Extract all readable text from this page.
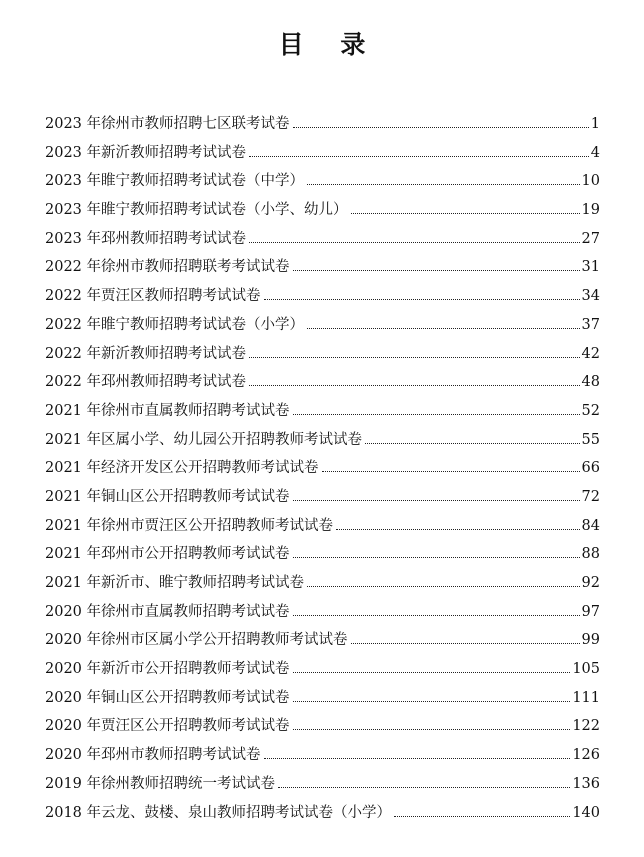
目 录
2023 年徐州市教师招聘七区联考试卷	1
2023 年新沂教师招聘考试试卷	4
2023 年睢宁教师招聘考试试卷（中学）	10
2023 年睢宁教师招聘考试试卷（小学、幼儿）	19
2023 年邳州教师招聘考试试卷	27
2022 年徐州市教师招聘联考考试试卷	31
2022 年贾汪区教师招聘考试试卷	34
2022 年睢宁教师招聘考试试卷（小学）	37
2022 年新沂教师招聘考试试卷	42
2022 年邳州教师招聘考试试卷	48
2021 年徐州市直属教师招聘考试试卷	52
2021 年区属小学、幼儿园公开招聘教师考试试卷	55
2021 年经济开发区公开招聘教师考试试卷	66
2021 年铜山区公开招聘教师考试试卷	72
2021 年徐州市贾汪区公开招聘教师考试试卷	84
2021 年邳州市公开招聘教师考试试卷	88
2021 年新沂市、睢宁教师招聘考试试卷	92
2020 年徐州市直属教师招聘考试试卷	97
2020 年徐州市区属小学公开招聘教师考试试卷	99
2020 年新沂市公开招聘教师考试试卷	105
2020 年铜山区公开招聘教师考试试卷	111
2020 年贾汪区公开招聘教师考试试卷	122
2020 年邳州市教师招聘考试试卷	126
2019 年徐州教师招聘统一考试试卷	136
2018 年云龙、鼓楼、泉山教师招聘考试试卷（小学）	140
